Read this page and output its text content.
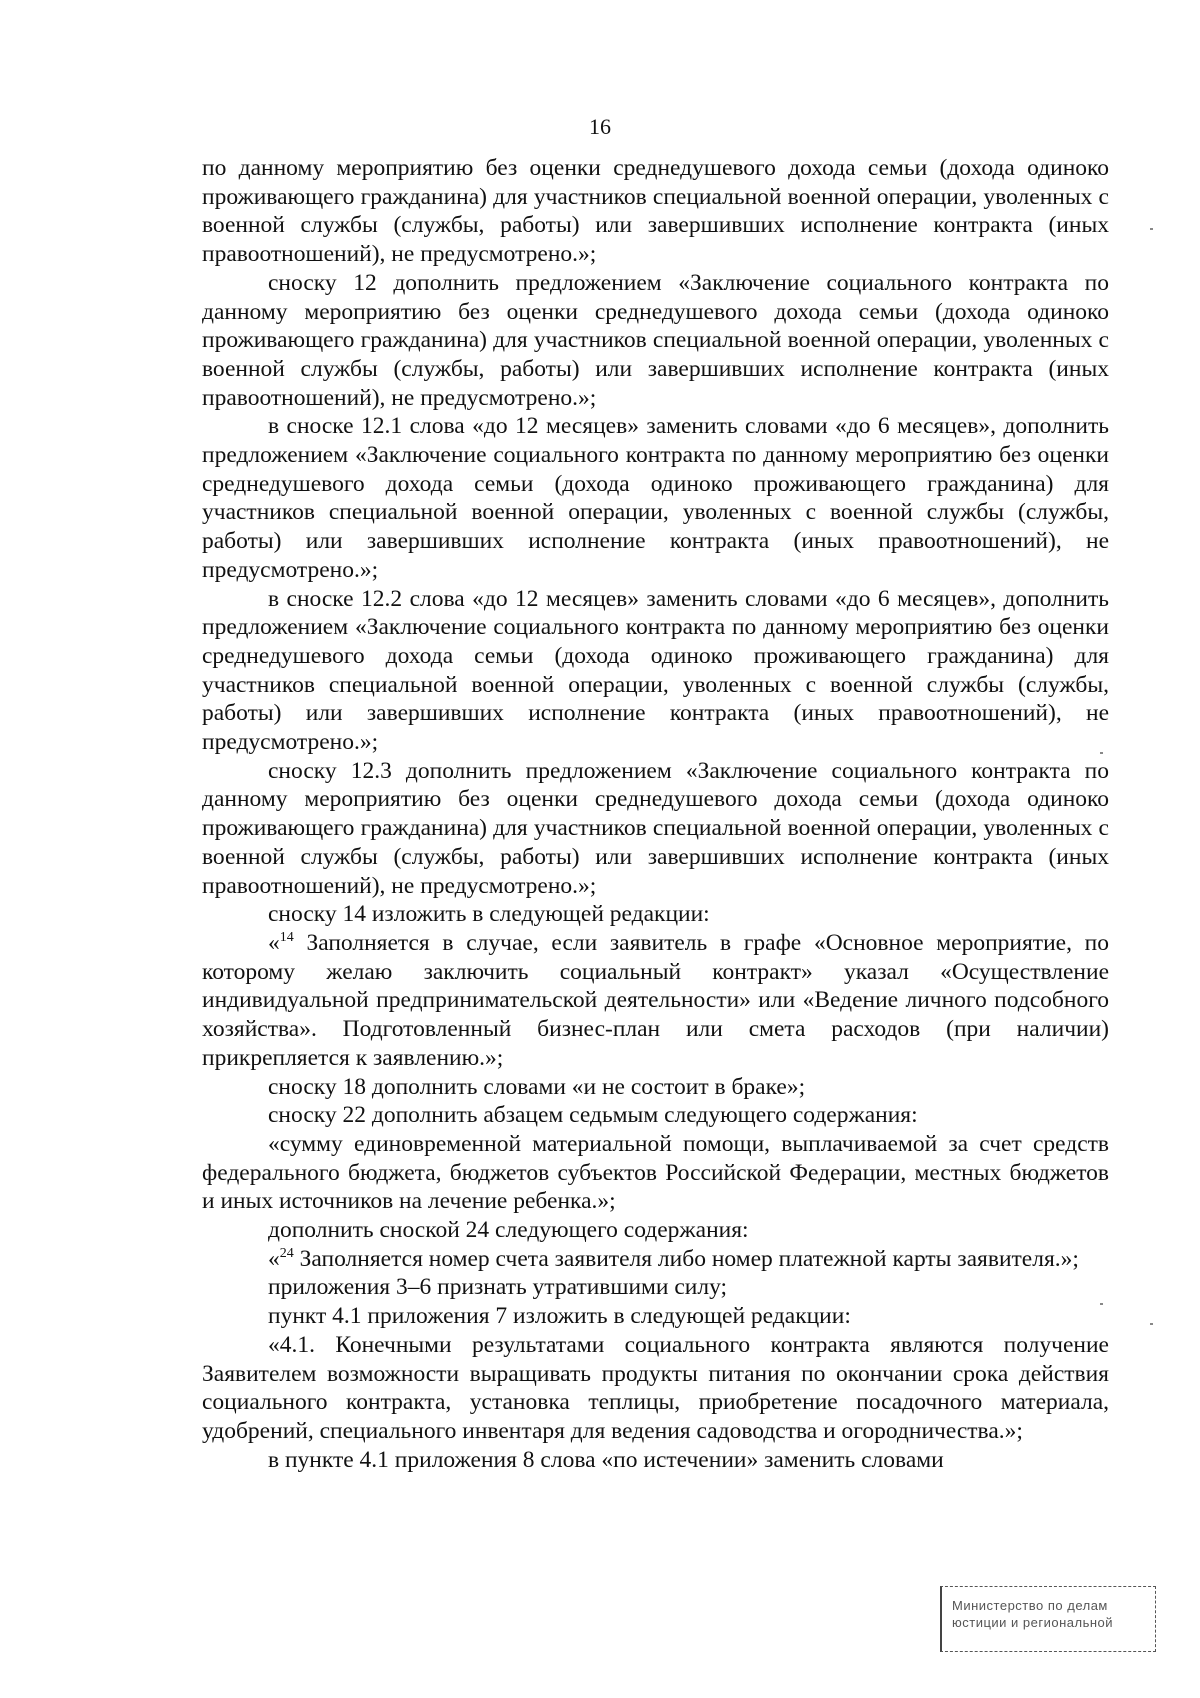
16

по данному мероприятию без оценки среднедушевого дохода семьи (дохода одиноко проживающего гражданина) для участников специальной военной операции, уволенных с военной службы (службы, работы) или завершивших исполнение контракта (иных правоотношений), не предусмотрено.»;

сноску 12 дополнить предложением «Заключение социального контракта по данному мероприятию без оценки среднедушевого дохода семьи (дохода одиноко проживающего гражданина) для участников специальной военной операции, уволенных с военной службы (службы, работы) или завершивших исполнение контракта (иных правоотношений), не предусмотрено.»;

в сноске 12.1 слова «до 12 месяцев» заменить словами «до 6 месяцев», дополнить предложением «Заключение социального контракта по данному мероприятию без оценки среднедушевого дохода семьи (дохода одиноко проживающего гражданина) для участников специальной военной операции, уволенных с военной службы (службы, работы) или завершивших исполнение контракта (иных правоотношений), не предусмотрено.»;

в сноске 12.2 слова «до 12 месяцев» заменить словами «до 6 месяцев», дополнить предложением «Заключение социального контракта по данному мероприятию без оценки среднедушевого дохода семьи (дохода одиноко проживающего гражданина) для участников специальной военной операции, уволенных с военной службы (службы, работы) или завершивших исполнение контракта (иных правоотношений), не предусмотрено.»;

сноску 12.3 дополнить предложением «Заключение социального контракта по данному мероприятию без оценки среднедушевого дохода семьи (дохода одиноко проживающего гражданина) для участников специальной военной операции, уволенных с военной службы (службы, работы) или завершивших исполнение контракта (иных правоотношений), не предусмотрено.»;

сноску 14 изложить в следующей редакции:

«$^{14}$ Заполняется в случае, если заявитель в графе «Основное мероприятие, по которому желаю заключить социальный контракт» указал «Осуществление индивидуальной предпринимательской деятельности» или «Ведение личного подсобного хозяйства». Подготовленный бизнес-план или смета расходов (при наличии) прикрепляется к заявлению.»;

сноску 18 дополнить словами «и не состоит в браке»;

сноску 22 дополнить абзацем седьмым следующего содержания:

«сумму единовременной материальной помощи, выплачиваемой за счет средств федерального бюджета, бюджетов субъектов Российской Федерации, местных бюджетов и иных источников на лечение ребенка.»;

дополнить сноской 24 следующего содержания:

«$^{24}$ Заполняется номер счета заявителя либо номер платежной карты заявителя.»;

приложения 3–6 признать утратившими силу;

пункт 4.1 приложения 7 изложить в следующей редакции:

«4.1. Конечными результатами социального контракта являются получение Заявителем возможности выращивать продукты питания по окончании срока действия социального контракта, установка теплицы, приобретение посадочного материала, удобрений, специального инвентаря для ведения садоводства и огородничества.»;

в пункте 4.1 приложения 8 слова «по истечении» заменить словами

Министерство по делам
юстиции и региональной
